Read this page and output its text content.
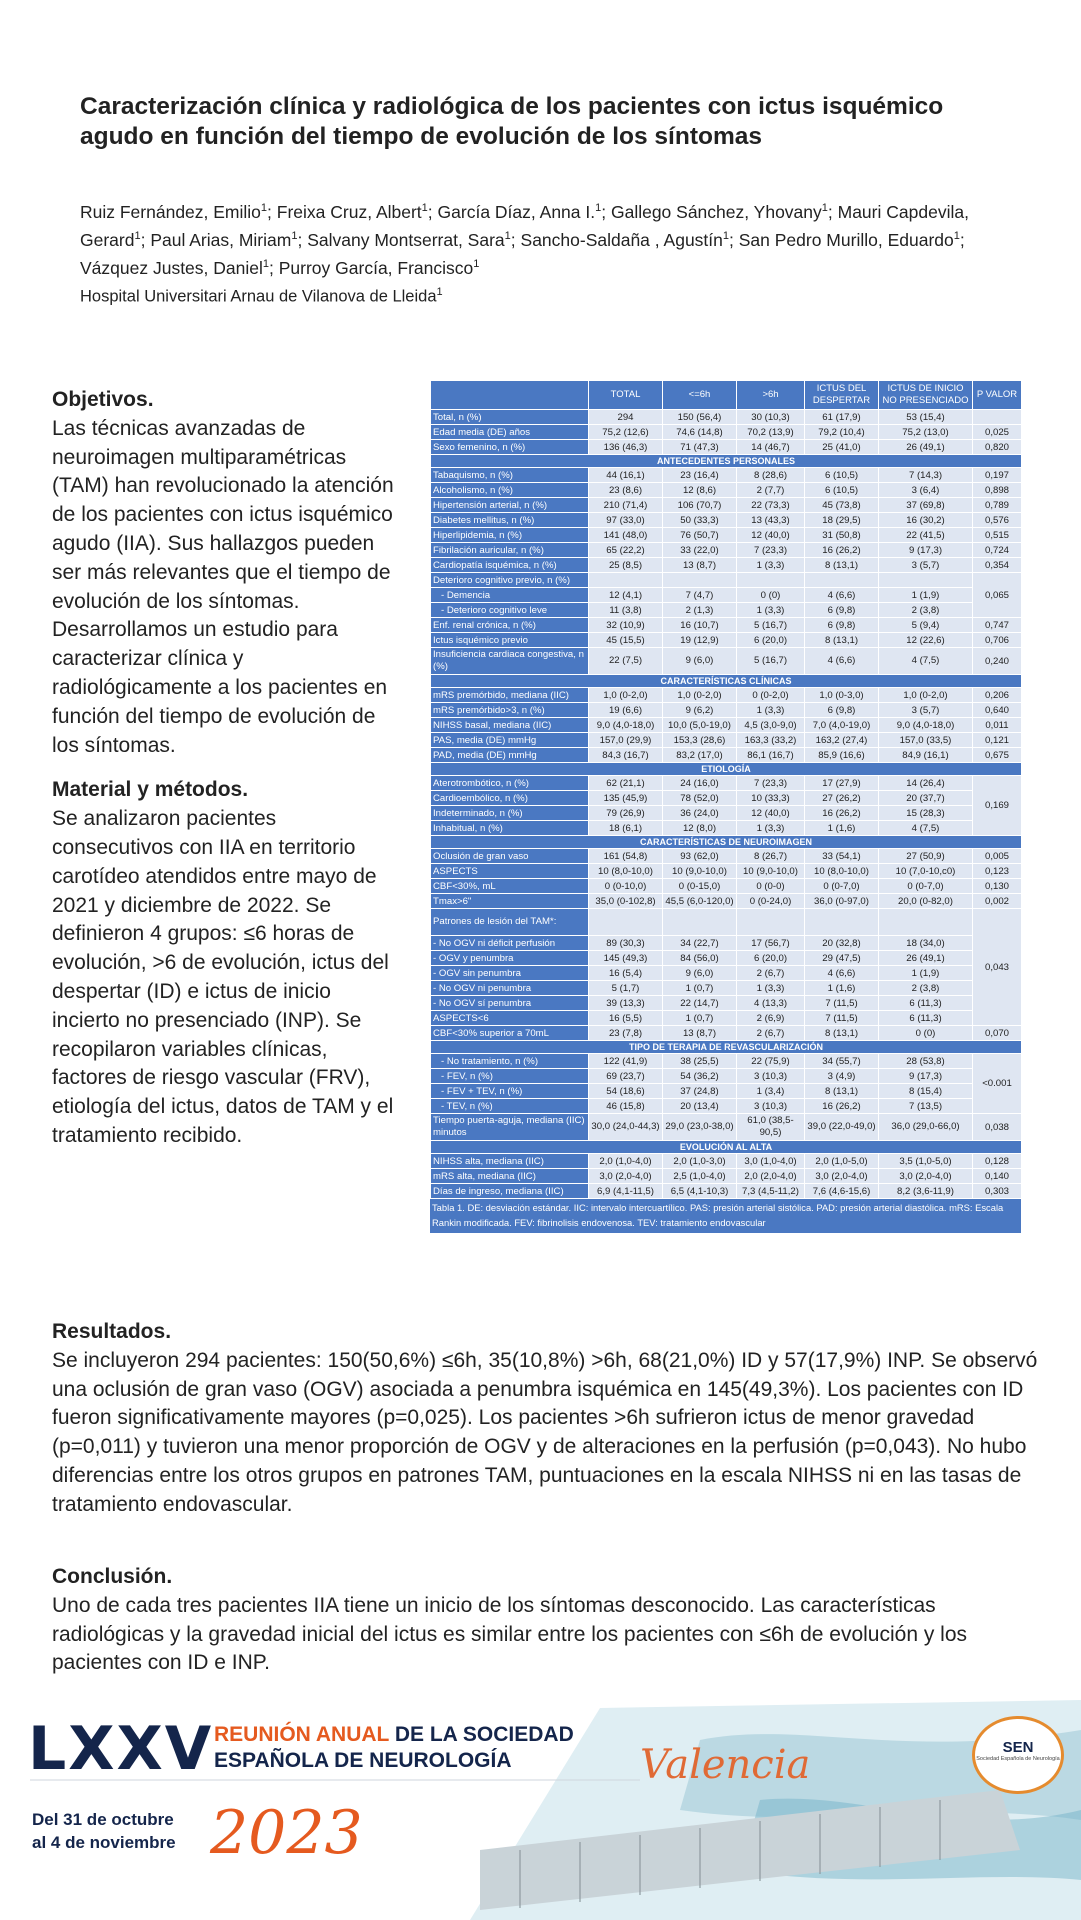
Caracterización clínica y radiológica de los pacientes con ictus isquémico agudo en función del tiempo de evolución de los síntomas
Ruiz Fernández, Emilio$^1$; Freixa Cruz, Albert$^1$; García Díaz, Anna I.$^1$; Gallego Sánchez, Yhovany$^1$; Mauri Capdevila, Gerard$^1$; Paul Arias, Miriam$^1$; Salvany Montserrat, Sara$^1$; Sancho-Saldaña , Agustín$^1$; San Pedro Murillo, Eduardo$^1$; Vázquez Justes, Daniel$^1$; Purroy García, Francisco$^1$
Hospital Universitari Arnau de Vilanova de Lleida$^1$
Objetivos.

Las técnicas avanzadas de neuroimagen multiparamétricas (TAM) han revolucionado la atención de los pacientes con ictus isquémico agudo (IIA). Sus hallazgos pueden ser más relevantes que el tiempo de evolución de los síntomas. Desarrollamos un estudio para caracterizar clínica y radiológicamente a los pacientes en función del tiempo de evolución de los síntomas.

Material y métodos.

Se analizaron pacientes consecutivos con IIA en territorio carotídeo atendidos entre mayo de 2021 y diciembre de 2022. Se definieron 4 grupos: ≤6 horas de evolución, >6 de evolución, ictus del despertar (ID) e ictus de inicio incierto no presenciado (INP). Se recopilaron variables clínicas, factores de riesgo vascular (FRV), etiología del ictus, datos de TAM y el tratamiento recibido.

	TOTAL	<=6h	>6h	ICTUS DEL DESPERTAR	ICTUS DE INICIO NO PRESENCIADO	P VALOR	
Total, n (%)	294	150 (56,4)	30 (10,3)	61 (17,9)	53 (15,4)		
Edad media (DE) años	75,2 (12,6)	74,6 (14,8)	70,2 (13,9)	79,2 (10,4)	75,2 (13,0)	0,025	
Sexo femenino, n (%)	136 (46,3)	71 (47,3)	14 (46,7)	25 (41,0)	26 (49,1)	0,820	
ANTECEDENTES PERSONALES							
Tabaquismo, n (%)	44 (16,1)	23 (16,4)	8 (28,6)	6 (10,5)	7 (14,3)	0,197	
Alcoholismo, n (%)	23 (8,6)	12 (8,6)	2 (7,7)	6 (10,5)	3 (6,4)	0,898	
Hipertensión arterial, n (%)	210 (71,4)	106 (70,7)	22 (73,3)	45 (73,8)	37 (69,8)	0,789	
Diabetes mellitus, n (%)	97 (33,0)	50 (33,3)	13 (43,3)	18 (29,5)	16 (30,2)	0,576	
Hiperlipidemia, n (%)	141 (48,0)	76 (50,7)	12 (40,0)	31 (50,8)	22 (41,5)	0,515	
Fibrilación auricular, n (%)	65 (22,2)	33 (22,0)	7 (23,3)	16 (26,2)	9 (17,3)	0,724	
Cardiopatía isquémica, n (%)	25 (8,5)	13 (8,7)	1 (3,3)	8 (13,1)	3 (5,7)	0,354	
Deterioro cognitivo previo, n (%)						0,065	
- Demencia	12 (4,1)	7 (4,7)	0 (0)	4 (6,6)	1 (1,9)		
- Deterioro cognitivo leve	11 (3,8)	2 (1,3)	1 (3,3)	6 (9,8)	2 (3,8)		
Enf. renal crónica, n (%)	32 (10,9)	16 (10,7)	5 (16,7)	6 (9,8)	5 (9,4)	0,747	
Ictus isquémico previo	45 (15,5)	19 (12,9)	6 (20,0)	8 (13,1)	12 (22,6)	0,706	
Insuficiencia cardiaca congestiva, n (%)	22 (7,5)	9 (6,0)	5 (16,7)	4 (6,6)	4 (7,5)	0,240	
CARACTERÍSTICAS CLÍNICAS							
mRS premórbido, mediana (IIC)	1,0 (0-2,0)	1,0 (0-2,0)	0 (0-2,0)	1,0 (0-3,0)	1,0 (0-2,0)	0,206	
mRS premórbido>3, n (%)	19 (6,6)	9 (6,2)	1 (3,3)	6 (9,8)	3 (5,7)	0,640	
NIHSS basal, mediana (IIC)	9,0 (4,0-18,0)	10,0 (5,0-19,0)	4,5 (3,0-9,0)	7,0 (4,0-19,0)	9,0 (4,0-18,0)	0,011	
PAS, media (DE) mmHg	157,0 (29,9)	153,3 (28,6)	163,3 (33,2)	163,2 (27,4)	157,0 (33,5)	0,121	
PAD, media (DE) mmHg	84,3 (16,7)	83,2 (17,0)	86,1 (16,7)	85,9 (16,6)	84,9 (16,1)	0,675	
ETIOLOGÍA							
Aterotrombótico, n (%)	62 (21,1)	24 (16,0)	7 (23,3)	17 (27,9)	14 (26,4)	0,169	
Cardioembólico, n (%)	135 (45,9)	78 (52,0)	10 (33,3)	27 (26,2)	20 (37,7)		
Indeterminado, n (%)	79 (26,9)	36 (24,0)	12 (40,0)	16 (26,2)	15 (28,3)		
Inhabitual, n (%)	18 (6,1)	12 (8,0)	1 (3,3)	1 (1,6)	4 (7,5)		
CARACTERÍSTICAS DE NEUROIMAGEN							
Oclusión de gran vaso	161 (54,8)	93 (62,0)	8 (26,7)	33 (54,1)	27 (50,9)	0,005	
ASPECTS	10 (8,0-10,0)	10 (9,0-10,0)	10 (9,0-10,0)	10 (8,0-10,0)	10 (7,0-10,c0)	0,123	
CBF<30%, mL	0 (0-10,0)	0 (0-15,0)	0 (0-0)	0 (0-7,0)	0 (0-7,0)	0,130	
Tmax>6"	35,0 (0-102,8)	45,5 (6,0-120,0)	0 (0-24,0)	36,0 (0-97,0)	20,0 (0-82,0)	0,002	
Patrones de lesión del TAM*:						0,043	
- No OGV ni déficit perfusión	89 (30,3)	34 (22,7)	17 (56,7)	20 (32,8)	18 (34,0)		
- OGV y penumbra	145 (49,3)	84 (56,0)	6 (20,0)	29 (47,5)	26 (49,1)		
- OGV sin penumbra	16 (5,4)	9 (6,0)	2 (6,7)	4 (6,6)	1 (1,9)		
- No OGV ni penumbra	5 (1,7)	1 (0,7)	1 (3,3)	1 (1,6)	2 (3,8)		
- No OGV sí penumbra	39 (13,3)	22 (14,7)	4 (13,3)	7 (11,5)	6 (11,3)		
ASPECTS<6	16 (5,5)	1 (0,7)	2 (6,9)	7 (11,5)	6 (11,3)	
CBF<30% superior a 70mL	23 (7,8)	13 (8,7)	2 (6,7)	8 (13,1)	0 (0)	0,070	
TIPO DE TERAPIA DE REVASCULARIZACIÓN							
- No tratamiento, n (%)	122 (41,9)	38 (25,5)	22 (75,9)	34 (55,7)	28 (53,8)	<0.001	
- FEV, n (%)	69 (23,7)	54 (36,2)	3 (10,3)	3 (4,9)	9 (17,3)		
- FEV + TEV, n (%)	54 (18,6)	37 (24,8)	1 (3,4)	8 (13,1)	8 (15,4)		
- TEV, n (%)	46 (15,8)	20 (13,4)	3 (10,3)	16 (26,2)	7 (13,5)		
Tiempo puerta-aguja, mediana (IIC) minutos	30,0 (24,0-44,3)	29,0 (23,0-38,0)	61,0 (38,5-90,5)	39,0 (22,0-49,0)	36,0 (29,0-66,0)	0,038	
EVOLUCIÓN AL ALTA							
NIHSS alta, mediana (IIC)	2,0 (1,0-4,0)	2,0 (1,0-3,0)	3,0 (1,0-4,0)	2,0 (1,0-5,0)	3,5 (1,0-5,0)	0,128	
mRS alta, mediana (IIC)	3,0 (2,0-4,0)	2,5 (1,0-4,0)	2,0 (2,0-4,0)	3,0 (2,0-4,0)	3,0 (2,0-4,0)	0,140	
Días de ingreso, mediana (IIC)	6,9 (4,1-11,5)	6,5 (4,1-10,3)	7,3 (4,5-11,2)	7,6 (4,6-15,6)	8,2 (3,6-11,9)	0,303	
Tabla 1. DE: desviación estándar. IIC: intervalo intercuartílico. PAS: presión arterial sistólica. PAD: presión arterial diastólica. mRS: Escala Rankin modificada. FEV: fibrinolisis endovenosa. TEV: tratamiento endovascular
Resultados.

Se incluyeron 294 pacientes: 150(50,6%) ≤6h, 35(10,8%) >6h, 68(21,0%) ID y 57(17,9%) INP. Se observó una oclusión de gran vaso (OGV) asociada a penumbra isquémica en 145(49,3%). Los pacientes con ID fueron significativamente mayores (p=0,025). Los pacientes >6h sufrieron ictus de menor gravedad (p=0,011) y tuvieron una menor proporción de OGV y de alteraciones en la perfusión (p=0,043). No hubo diferencias entre los otros grupos en patrones TAM, puntuaciones en la escala NIHSS ni en las tasas de tratamiento endovascular.

Conclusión.

Uno de cada tres pacientes IIA tiene un inicio de los síntomas desconocido. Las características radiológicas y la gravedad inicial del ictus es similar entre los pacientes con ≤6h de evolución y los pacientes con ID e INP.

LXXV REUNIÓN ANUAL DE LA SOCIEDAD
ESPAÑOLA DE NEUROLOGÍA
Del 31 de octubre
al 4 de noviembre 2023
Valencia	SEN
Sociedad Española de Neurología
